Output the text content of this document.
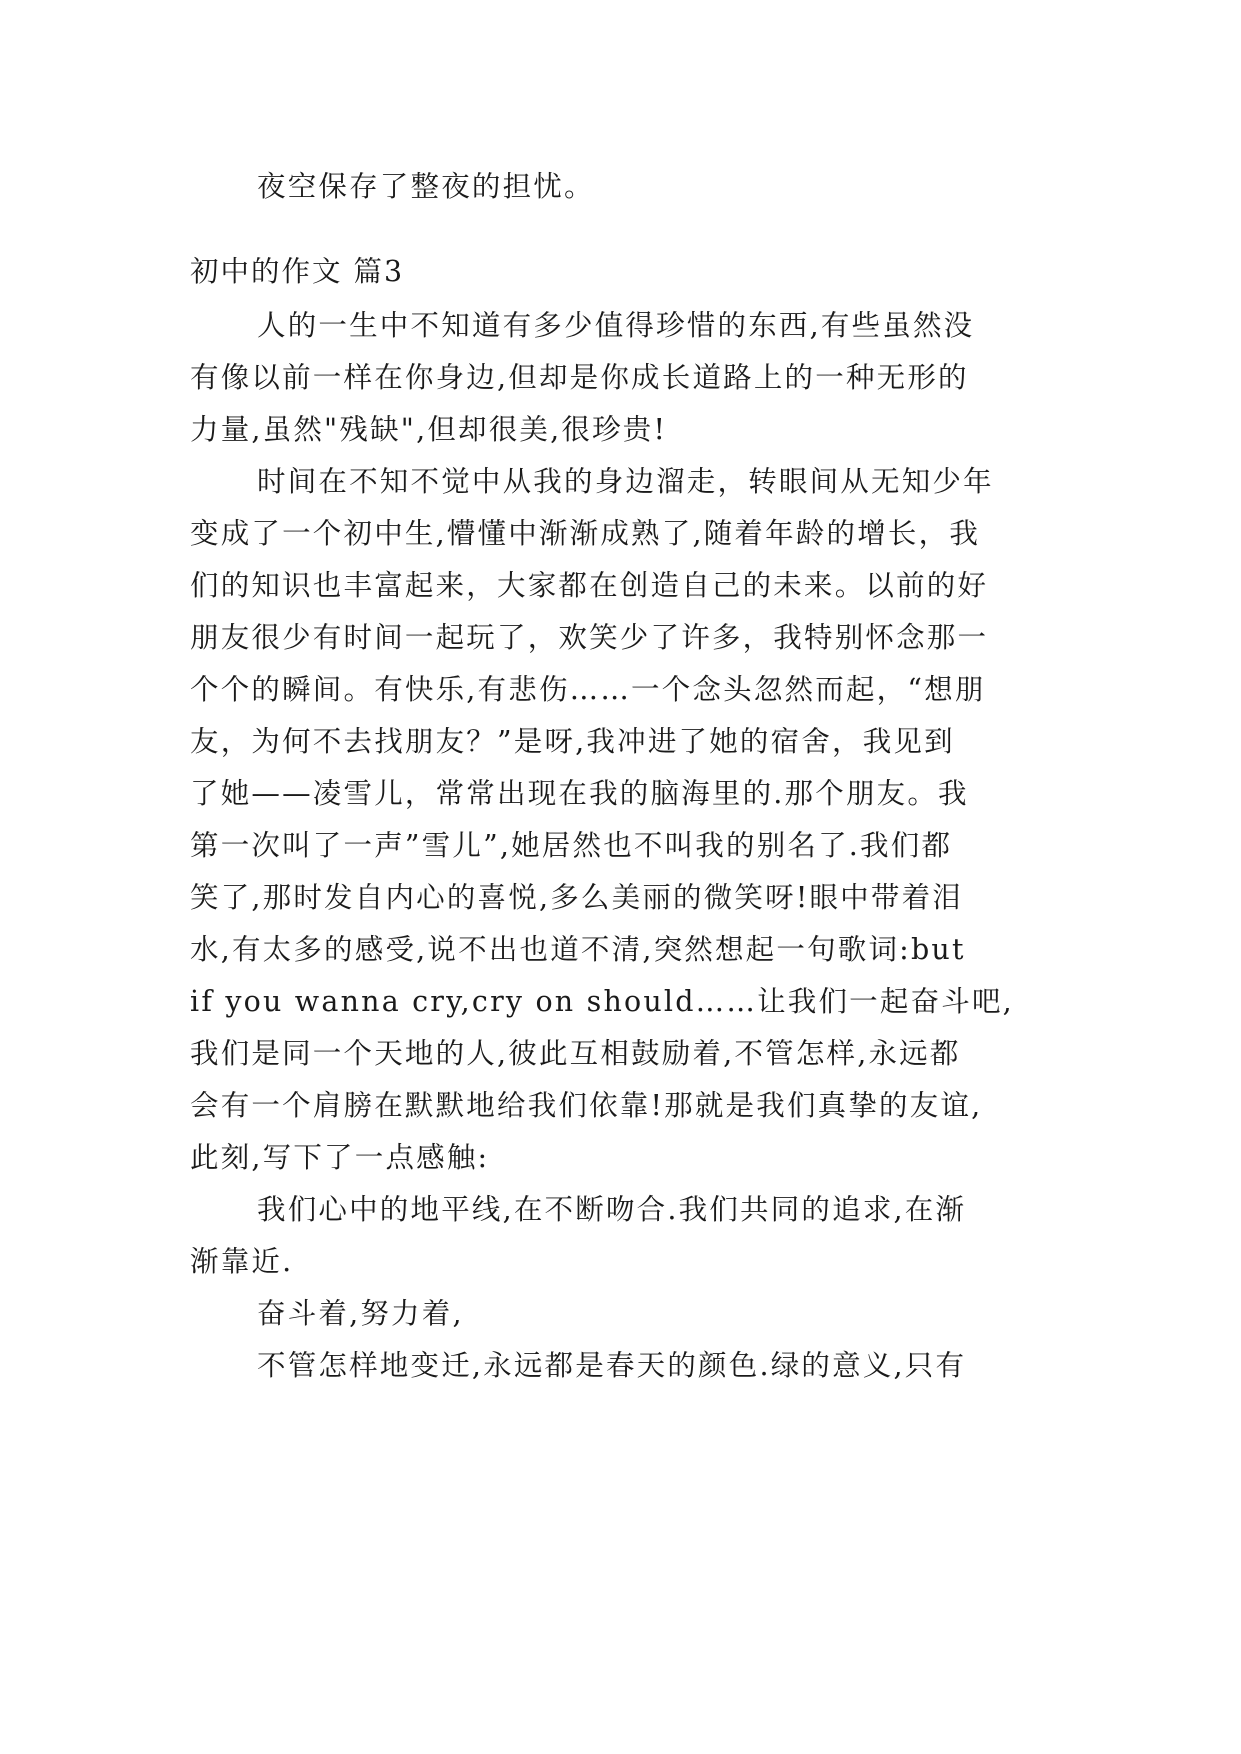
夜空保存了整夜的担忧。
初中的作文 篇3
人的一生中不知道有多少值得珍惜的东西,有些虽然没
有像以前一样在你身边,但却是你成长道路上的一种无形的
力量,虽然"残缺",但却很美,很珍贵!
时间在不知不觉中从我的身边溜走，转眼间从无知少年
变成了一个初中生,懵懂中渐渐成熟了,随着年龄的增长，我
们的知识也丰富起来，大家都在创造自己的未来。以前的好
朋友很少有时间一起玩了，欢笑少了许多，我特别怀念那一
个个的瞬间。有快乐,有悲伤……一个念头忽然而起，“想朋
友，为何不去找朋友？”是呀,我冲进了她的宿舍，我见到
了她——凌雪儿，常常出现在我的脑海里的.那个朋友。我
第一次叫了一声”雪儿”,她居然也不叫我的别名了.我们都
笑了,那时发自内心的喜悦,多么美丽的微笑呀!眼中带着泪
水,有太多的感受,说不出也道不清,突然想起一句歌词:but
if you wanna cry,cry on should……让我们一起奋斗吧,
我们是同一个天地的人,彼此互相鼓励着,不管怎样,永远都
会有一个肩膀在默默地给我们依靠!那就是我们真挚的友谊,
此刻,写下了一点感触:
我们心中的地平线,在不断吻合.我们共同的追求,在渐
渐靠近.
奋斗着,努力着,
不管怎样地变迁,永远都是春天的颜色.绿的意义,只有
